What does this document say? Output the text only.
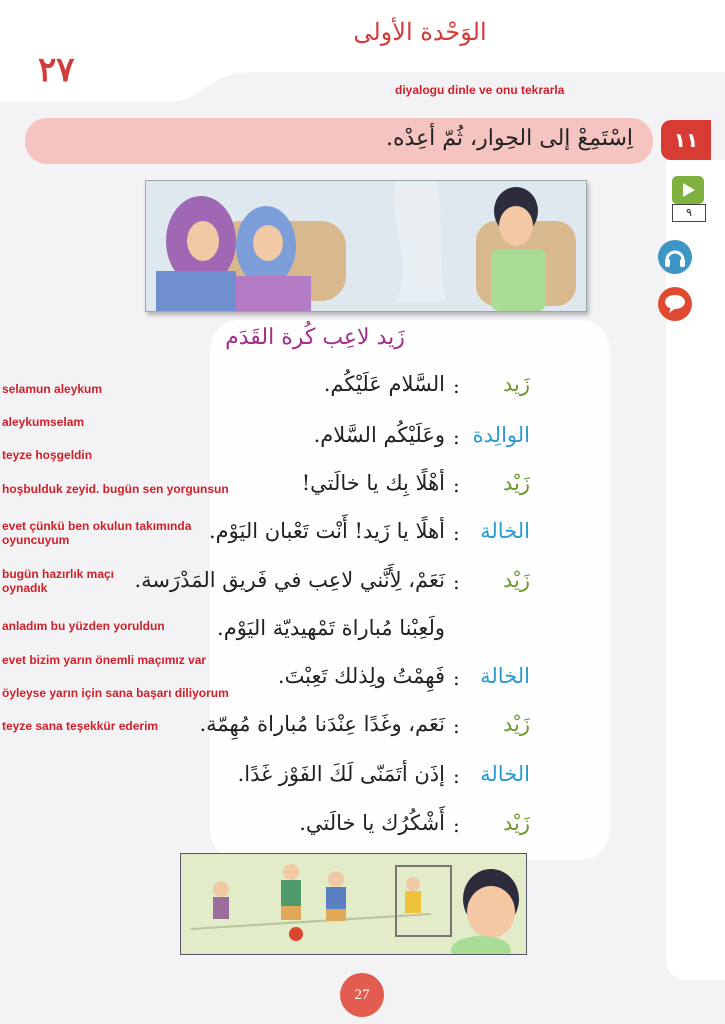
الوَحْدة الأولى
٢٧	diyalogu dinle ve onu tekrarla
اِسْتَمِعْ إلى الحِوار، ثُمّ أعِدْه.	١١
٩
زَيد لاعِب كُرة القَدَم
زَيد
:
السَّلام عَلَيْكُم.
الوالِدة
:
وعَلَيْكُم السَّلام.
زَيْد
:
أهْلًا بِك يا خالَتي!
الخالة
:
أهلًا يا زَيد! أَنْت تَعْبان اليَوْم.
زَيْد
:
نَعَمْ، لِأَنَّني لاعِب في فَريق المَدْرَسة.
ولَعِبْنا مُباراة تَمْهيديّة اليَوْم.
الخالة
:
فَهِمْتُ ولِذلك تَعِبْتَ.
زَيْد
:
نَعَم، وغَدًا عِنْدَنا مُباراة مُهِمّة.
الخالة
:
إذَن أتَمَنّى لَكَ الفَوْز غَدًا.
زَيْد
:
أَشْكُرُك يا خالَتي.
selamun aleykum
aleykumselam
teyze hoşgeldin
hoşbulduk zeyid. bugün sen yorgunsun
evet çünkü ben okulun takımında oyuncuyum
bugün hazırlık maçı oynadık
anladım bu yüzden yoruldun
evet bizim yarın önemli maçımız var
öyleyse yarın için sana başarı diliyorum
teyze sana teşekkür ederim
27
